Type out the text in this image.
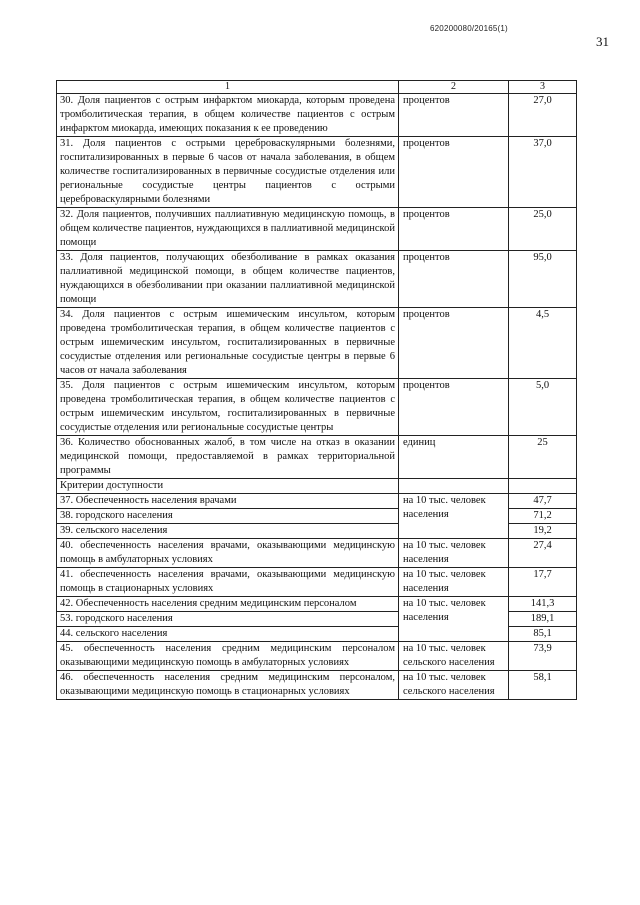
620200080/20165(1)
31
1	2	3
30. Доля пациентов с острым инфарктом миокарда, которым проведена тромболитическая терапия, в общем количестве пациентов с острым инфарктом миокарда, имеющих показания к ее проведению	процентов	27,0
31. Доля пациентов с острыми цереброваскулярными болезнями, госпитализированных в первые 6 часов от начала заболевания, в общем количестве госпитализированных в первичные сосудистые отделения или региональные сосудистые центры пациентов с острыми цереброваскулярными болезнями	процентов	37,0
32. Доля пациентов, получивших паллиативную медицинскую помощь, в общем количестве пациентов, нуждающихся в паллиативной медицинской помощи	процентов	25,0
33. Доля пациентов, получающих обезболивание в рамках оказания паллиативной медицинской помощи, в общем количестве пациентов, нуждающихся в обезболивании при оказании паллиативной медицинской помощи	процентов	95,0
34. Доля пациентов с острым ишемическим инсультом, которым проведена тромболитическая терапия, в общем количестве пациентов с острым ишемическим инсультом, госпитализированных в первичные сосудистые отделения или региональные сосудистые центры в первые 6 часов от начала заболевания	процентов	4,5
35. Доля пациентов с острым ишемическим инсультом, которым проведена тромболитическая терапия, в общем количестве пациентов с острым ишемическим инсультом, госпитализированных в первичные сосудистые отделения или региональные сосудистые центры	процентов	5,0
36. Количество обоснованных жалоб, в том числе на отказ в оказании медицинской помощи, предоставляемой в рамках территориальной программы	единиц	25
Критерии доступности		
37. Обеспеченность населения врачами	на 10 тыс. человек населения	47,7
38. городского населения		71,2
39. сельского населения		19,2
40. обеспеченность населения врачами, оказывающими медицинскую помощь в амбулаторных условиях	на 10 тыс. человек населения	27,4
41. обеспеченность населения врачами, оказывающими медицинскую помощь в стационарных условиях	на 10 тыс. человек населения	17,7
42. Обеспеченность населения средним медицинским персоналом	на 10 тыс. человек населения	141,3
53. городского населения		189,1
44. сельского населения		85,1
45. обеспеченность населения средним медицинским персоналом оказывающими медицинскую помощь в амбулаторных условиях	на 10 тыс. человек сельского населения	73,9
46. обеспеченность населения средним медицинским персоналом, оказывающими медицинскую помощь в стационарных условиях	на 10 тыс. человек сельского населения	58,1
